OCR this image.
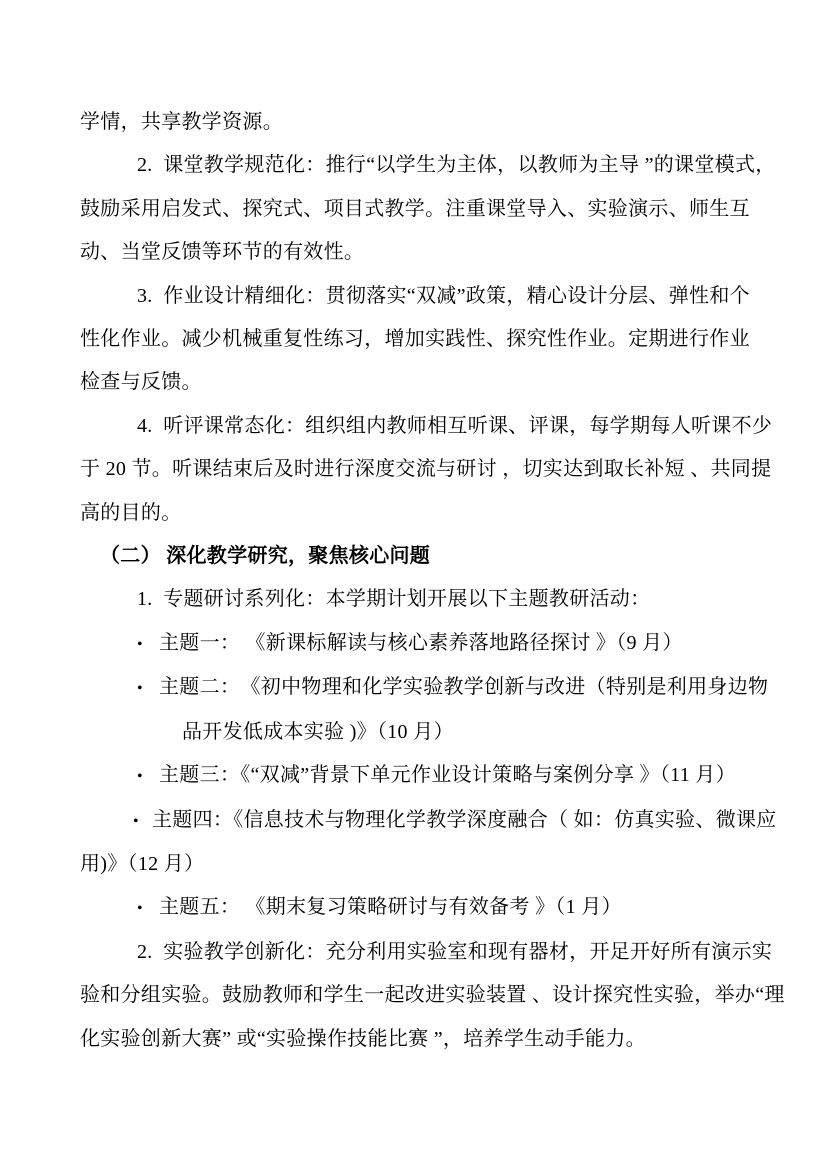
学情，共享教学资源。
2.  课堂教学规范化：推行“以学生为主体，以教师为主导 ”的课堂模式，
鼓励采用启发式、探究式、项目式教学。注重课堂导入、实验演示、师生互
动、当堂反馈等环节的有效性。
3.  作业设计精细化：贯彻落实“双减”政策，精心设计分层、弹性和个
性化作业。减少机械重复性练习，增加实践性、探究性作业。定期进行作业
检查与反馈。
4.  听评课常态化：组织组内教师相互听课、评课，每学期每人听课不少
于 20 节。听课结束后及时进行深度交流与研讨 ，切实达到取长补短 、共同提
高的目的。
（二） 深化教学研究，聚焦核心问题
1.  专题研讨系列化：本学期计划开展以下主题教研活动：
• 主题一： 《新课标解读与核心素养落地路径探讨 》（9 月）
• 主题二：　《初中物理和化学实验教学创新与改进（特别是利用身边物
品开发低成本实验 )》（10 月）
• 主题三：《“双减”背景下单元作业设计策略与案例分享 》（11 月）
• 主题四：《信息技术与物理化学教学深度融合（ 如：仿真实验、微课应
用)》（12 月）
• 主题五： 《期末复习策略研讨与有效备考 》（1 月）
2.  实验教学创新化：充分利用实验室和现有器材，开足开好所有演示实
验和分组实验。鼓励教师和学生一起改进实验装置 、设计探究性实验，举办“理
化实验创新大赛” 或“实验操作技能比赛 ”，培养学生动手能力。
